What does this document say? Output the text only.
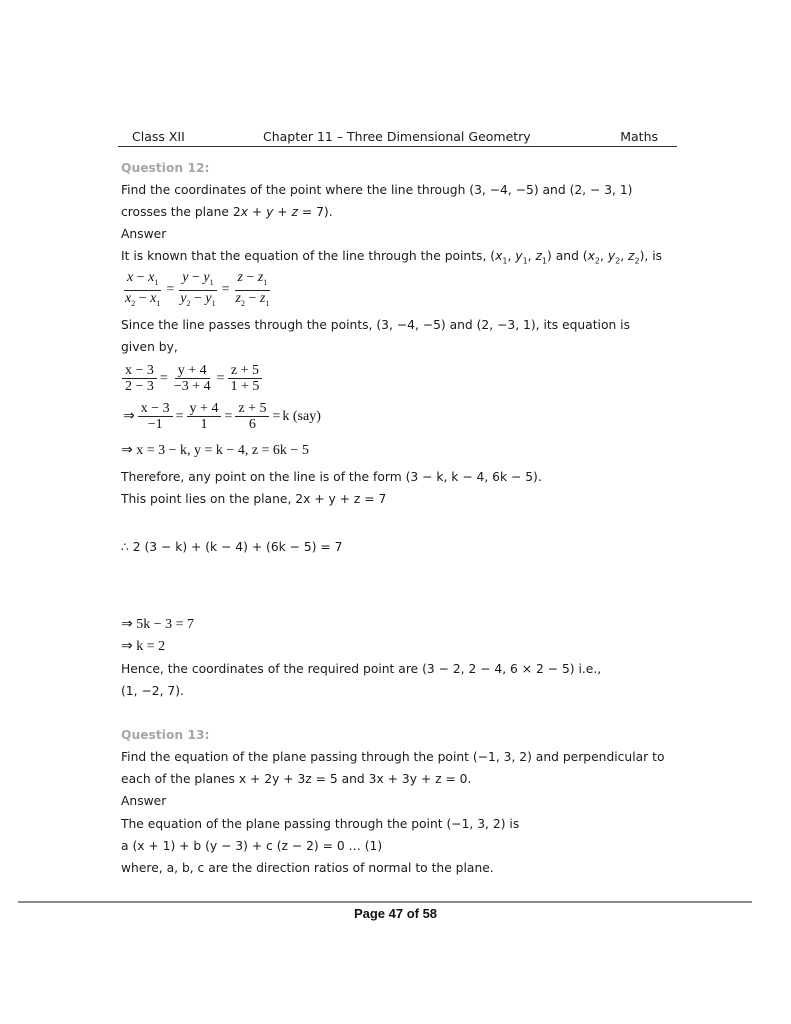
Class XII	Chapter 11 – Three Dimensional Geometry	Maths
Question 12:
Find the coordinates of the point where the line through (3, −4, −5) and (2, − 3, 1)
crosses the plane 2x + y + z = 7).
Answer
It is known that the equation of the line through the points, ($x_1$, $y_1$, $z_1$) and ($x_2$, $y_2$, $z_2$), is
$\frac{x - x_1}{x_2 - x_1} = \frac{y - y_1}{y_2 - y_1} = \frac{z - z_1}{z_2 - z_1}$
Since the line passes through the points, (3, −4, −5) and (2, −3, 1), its equation is
given by,
$\frac{x - 3}{2 - 3} = \frac{y + 4}{-3 + 4} = \frac{z + 5}{1 + 5}$
⇒ $\frac{x - 3}{-1} = \frac{y + 4}{1} = \frac{z + 5}{6} = k$ (say)
⇒ x = 3 − k, y = k − 4, z = 6k − 5
Therefore, any point on the line is of the form (3 − k, k − 4, 6k − 5).
This point lies on the plane, 2x + y + z = 7
∴ 2 (3 − k) + (k − 4) + (6k − 5) = 7
⇒ 5k − 3 = 7
⇒ k = 2
Hence, the coordinates of the required point are (3 − 2, 2 − 4, 6 × 2 − 5) i.e.,
(1, −2, 7).
Question 13:
Find the equation of the plane passing through the point (−1, 3, 2) and perpendicular to
each of the planes x + 2y + 3z = 5 and 3x + 3y + z = 0.
Answer
The equation of the plane passing through the point (−1, 3, 2) is
a (x + 1) + b (y − 3) + c (z − 2) = 0 … (1)
where, a, b, c are the direction ratios of normal to the plane.
Page 47 of 58
